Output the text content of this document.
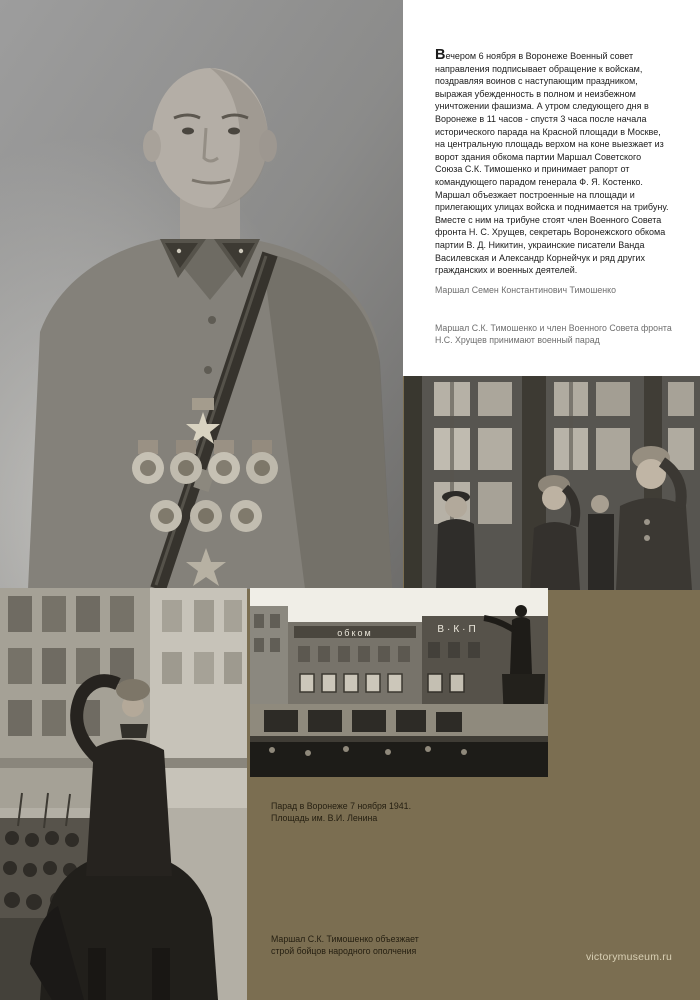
Вечером 6 ноября в Воронеже Военный совет направления подписывает обращение к войскам, поздравляя воинов с наступающим праздником, выражая убежденность в полном и неизбежном уничтожении фашизма. А утром следующего дня в Воронеже в 11 часов - спустя 3 часа после начала исторического парада на Красной площади в Москве, на центральную площадь верхом на коне выезжает из ворот здания обкома партии Маршал Советского Союза С.К. Тимошенко и принимает рапорт от командующего парадом генерала Ф. Я. Костенко. Маршал объезжает построенные на площади и прилегающих улицах войска и поднимается на трибуну. Вместе с ним на трибуне стоят член Военного Совета фронта Н. С. Хрущев, секретарь Воронежского обкома партии В. Д. Никитин, украинские писатели Ванда Василевская и Александр Корнейчук и ряд других гражданских и военных деятелей.

Маршал Семен Константинович Тимошенко
Маршал С.К. Тимошенко и член Военного Совета фронта
Н.С. Хрущев принимают военный парад
обком	В·К·П
Парад в Воронеже 7 ноября 1941.
Площадь им. В.И. Ленина
Маршал С.К. Тимошенко объезжает
строй бойцов народного ополчения
victorymuseum.ru
